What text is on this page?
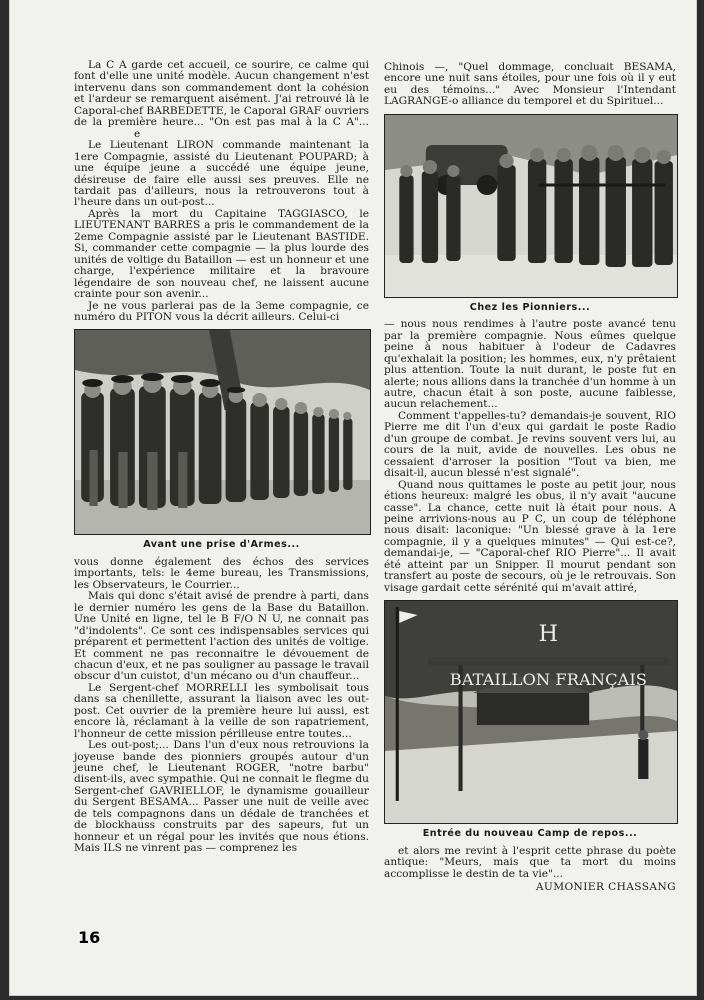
La C A garde cet accueil, ce sourire, ce calme qui font d'elle une unité modèle. Aucun changement n'est intervenu dans son commandement dont la cohésion et l'ardeur se remarquent aisément. J'ai retrouvé là le Caporal-chef BARBEDETTE, le Caporal GRAF ouvriers de la première heure... "On est pas mal à la C A"... e

Le Lieutenant LIRON commande maintenant la 1ere Compagnie, assisté du Lieutenant POUPARD; à une équipe jeune a succédé une équipe jeune, désireuse de faire elle aussi ses preuves. Elle ne tardait pas d'ailleurs, nous la retrouverons tout à l'heure dans un out-post...

Après la mort du Capitaine TAGGIASCO, le LIEUTENANT BARRES a pris le commandement de la 2eme Compagnie assisté par le Lieutenant BASTIDE. Si, commander cette compagnie — la plus lourde des unités de voltige du Bataillon — est un honneur et une charge, l'expérience militaire et la bravoure légendaire de son nouveau chef, ne laissent aucune crainte pour son avenir...

Je ne vous parlerai pas de la 3eme compagnie, ce numéro du PITON vous la décrit ailleurs. Celui-ci

Avant une prise d'Armes...

vous donne également des échos des services importants, tels: le 4eme bureau, les Transmissions, les Observateurs, le Courrier...

Mais qui donc s'était avisé de prendre à parti, dans le dernier numéro les gens de la Base du Bataillon. Une Unité en ligne, tel le B F/O N U, ne connait pas "d'indolents". Ce sont ces indispensables services qui préparent et permettent l'action des unités de voltige. Et comment ne pas reconnaitre le dévouement de chacun d'eux, et ne pas souligner au passage le travail obscur d'un cuistot, d'un mécano ou d'un chauffeur...

Le Sergent-chef MORRELLI les symbolisait tous dans sa chenillette, assurant la liaison avec les out-post. Cet ouvrier de la première heure lui aussi, est encore là, réclamant à la veille de son rapatriement, l'honneur de cette mission périlleuse entre toutes...

Les out-post;... Dans l'un d'eux nous retrouvions la joyeuse bande des pionniers groupés autour d'un jeune chef, le Lieutenant ROGER, "notre barbu" disent-ils, avec sympathie. Qui ne connait le flegme du Sergent-chef GAVRIELLOF, le dynamisme gouailleur du Sergent BESAMA... Passer une nuit de veille avec de tels compagnons dans un dédale de tranchées et de blockhauss construits par des sapeurs, fut un honneur et un régal pour les invités que nous étions. Mais ILS ne vinrent pas — comprenez les

Chinois —, "Quel dommage, concluait BESAMA, encore une nuit sans étoiles, pour une fois où il y eut eu des témoins..." Avec Monsieur l'Intendant LAGRANGE-o alliance du temporel et du Spirituel...

Chez les Pionniers...

— nous nous rendimes à l'autre poste avancé tenu par la première compagnie. Nous eûmes quelque peine à nous habituer à l'odeur de Cadavres qu'exhalait la position; les hommes, eux, n'y prêtaient plus attention. Toute la nuit durant, le poste fut en alerte; nous allions dans la tranchée d'un homme à un autre, chacun était à son poste, aucune faiblesse, aucun relachement...

Comment t'appelles-tu? demandais-je souvent, RIO Pierre me dit l'un d'eux qui gardait le poste Radio d'un groupe de combat. Je revins souvent vers lui, au cours de la nuit, avide de nouvelles. Les obus ne cessaient d'arroser la position "Tout va bien, me disait-il, aucun blessé n'est signalé".

Quand nous quittames le poste au petit jour, nous étions heureux: malgré les obus, il n'y avait "aucune casse". La chance, cette nuit là était pour nous. A peine arrivions-nous au P C, un coup de téléphone nous disait: laconique: "Un blessé grave à la 1ere compagnie, il y a quelques minutes" — Qui est-ce?, demandai-je, — "Caporal-chef RIO Pierre"... Il avait été atteint par un Snipper. Il mourut pendant son transfert au poste de secours, où je le retrouvais. Son visage gardait cette sérénité qui m'avait attiré,

H
BATAILLON FRANÇAIS
Entrée du nouveau Camp de repos...

et alors me revint à l'esprit cette phrase du poète antique: "Meurs, mais que ta mort du moins accomplisse le destin de ta vie"...

AUMONIER CHASSANG
16
